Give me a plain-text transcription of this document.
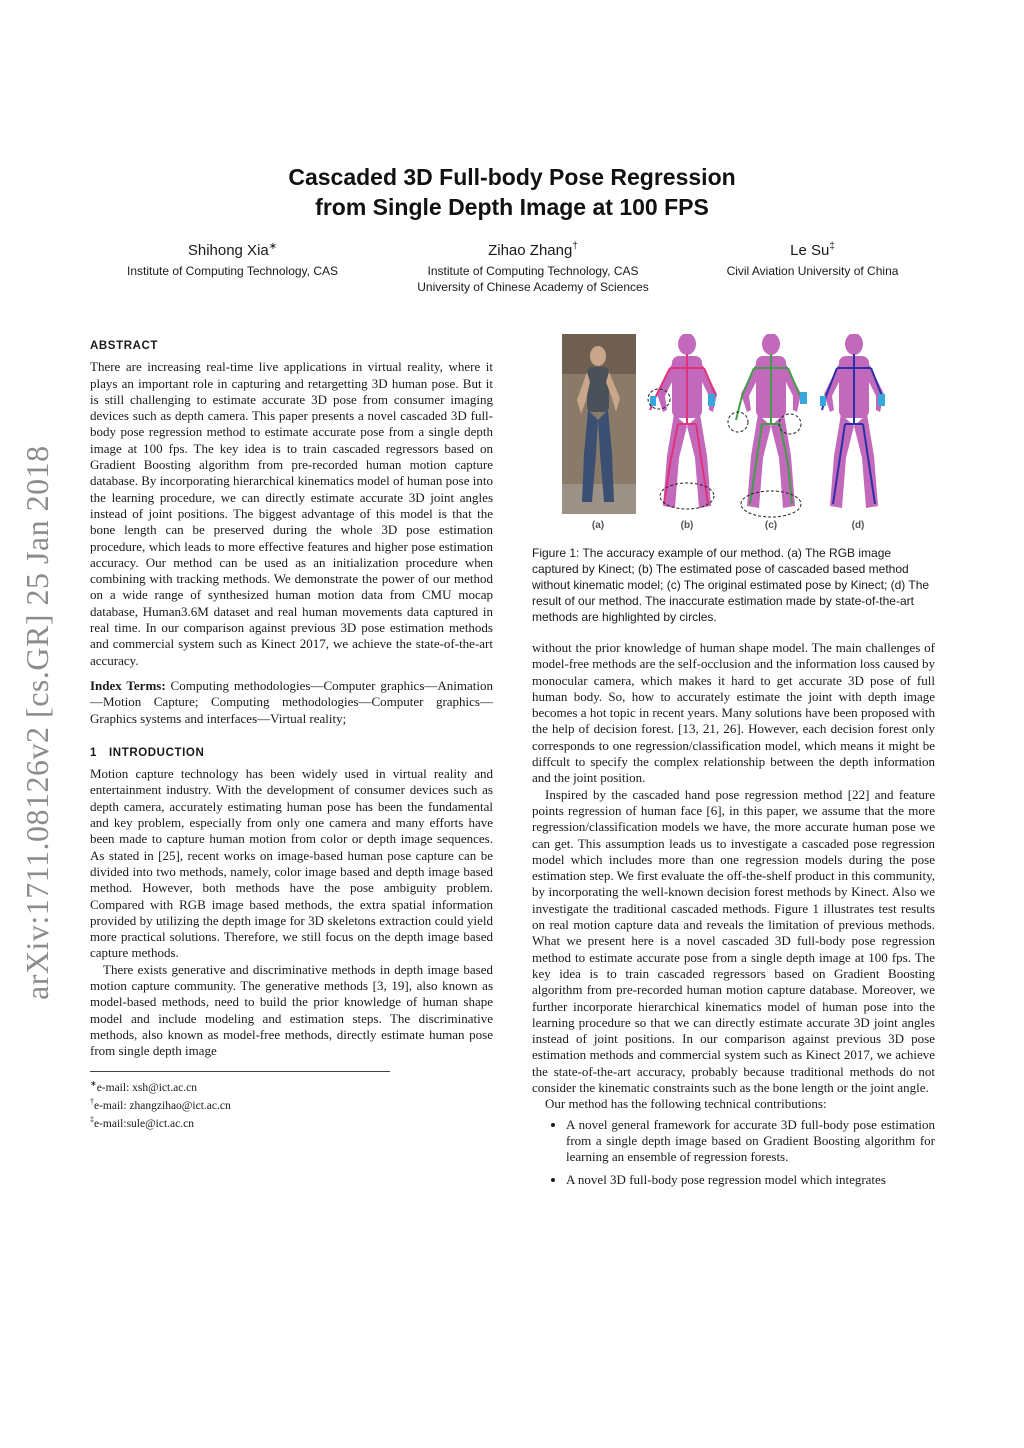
arXiv:1711.08126v2 [cs.GR] 25 Jan 2018
Cascaded 3D Full-body Pose Regression
from Single Depth Image at 100 FPS
Shihong Xia∗
Institute of Computing Technology, CAS
Zihao Zhang†
Institute of Computing Technology, CAS
University of Chinese Academy of Sciences
Le Su‡
Civil Aviation University of China
ABSTRACT

There are increasing real-time live applications in virtual reality, where it plays an important role in capturing and retargetting 3D human pose. But it is still challenging to estimate accurate 3D pose from consumer imaging devices such as depth camera. This paper presents a novel cascaded 3D full-body pose regression method to estimate accurate pose from a single depth image at 100 fps. The key idea is to train cascaded regressors based on Gradient Boosting algorithm from pre-recorded human motion capture database. By incorporating hierarchical kinematics model of human pose into the learning procedure, we can directly estimate accurate 3D joint angles instead of joint positions. The biggest advantage of this model is that the bone length can be preserved during the whole 3D pose estimation procedure, which leads to more effective features and higher pose estimation accuracy. Our method can be used as an initialization procedure when combining with tracking methods. We demonstrate the power of our method on a wide range of synthesized human motion data from CMU mocap database, Human3.6M dataset and real human movements data captured in real time. In our comparison against previous 3D pose estimation methods and commercial system such as Kinect 2017, we achieve the state-of-the-art accuracy.

Index Terms: Computing methodologies—Computer graphics—Animation—Motion Capture; Computing methodologies—Computer graphics—Graphics systems and interfaces—Virtual reality;

1 INTRODUCTION

Motion capture technology has been widely used in virtual reality and entertainment industry. With the development of consumer devices such as depth camera, accurately estimating human pose has been the fundamental and key problem, especially from only one camera and many efforts have been made to capture human motion from color or depth image sequences. As stated in [25], recent works on image-based human pose capture can be divided into two methods, namely, color image based and depth image based method. However, both methods have the pose ambiguity problem. Compared with RGB image based methods, the extra spatial information provided by utilizing the depth image for 3D skeletons extraction could yield more practical solutions. Therefore, we still focus on the depth image based capture methods.

There exists generative and discriminative methods in depth image based motion capture community. The generative methods [3, 19], also known as model-based methods, need to build the prior knowledge of human shape model and include modeling and estimation steps. The discriminative methods, also known as model-free methods, directly estimate human pose from single depth image

∗e-mail: xsh@ict.ac.cn
†e-mail: zhangzihao@ict.ac.cn
‡e-mail:sule@ict.ac.cn
(a)	(b)	(c)	(d)
Figure 1: The accuracy example of our method. (a) The RGB image captured by Kinect; (b) The estimated pose of cascaded based method without kinematic model; (c) The original estimated pose by Kinect; (d) The result of our method. The inaccurate estimation made by state-of-the-art methods are highlighted by circles.

without the prior knowledge of human shape model. The main challenges of model-free methods are the self-occlusion and the information loss caused by monocular camera, which makes it hard to get accurate 3D pose of full human body. So, how to accurately estimate the joint with depth image becomes a hot topic in recent years. Many solutions have been proposed with the help of decision forest. [13, 21, 26]. However, each decision forest only corresponds to one regression/classification model, which means it might be diffcult to specify the complex relationship between the depth information and the joint position.

Inspired by the cascaded hand pose regression method [22] and feature points regression of human face [6], in this paper, we assume that the more regression/classification models we have, the more accurate human pose we can get. This assumption leads us to investigate a cascaded pose regression model which includes more than one regression models during the pose estimation step. We first evaluate the off-the-shelf product in this community, by incorporating the well-known decision forest methods by Kinect. Also we investigate the traditional cascaded methods. Figure 1 illustrates test results on real motion capture data and reveals the limitation of previous methods. What we present here is a novel cascaded 3D full-body pose regression method to estimate accurate pose from a single depth image at 100 fps. The key idea is to train cascaded regressors based on Gradient Boosting algorithm from pre-recorded human motion capture database. Moreover, we further incorporate hierarchical kinematics model of human pose into the learning procedure so that we can directly estimate accurate 3D joint angles instead of joint positions. In our comparison against previous 3D pose estimation methods and commercial system such as Kinect 2017, we achieve the state-of-the-art accuracy, probably because traditional methods do not consider the kinematic constraints such as the bone length or the joint angle.

Our method has the following technical contributions:

• A novel general framework for accurate 3D full-body pose estimation from a single depth image based on Gradient Boosting algorithm for learning an ensemble of regression forests.
• A novel 3D full-body pose regression model which integrates
